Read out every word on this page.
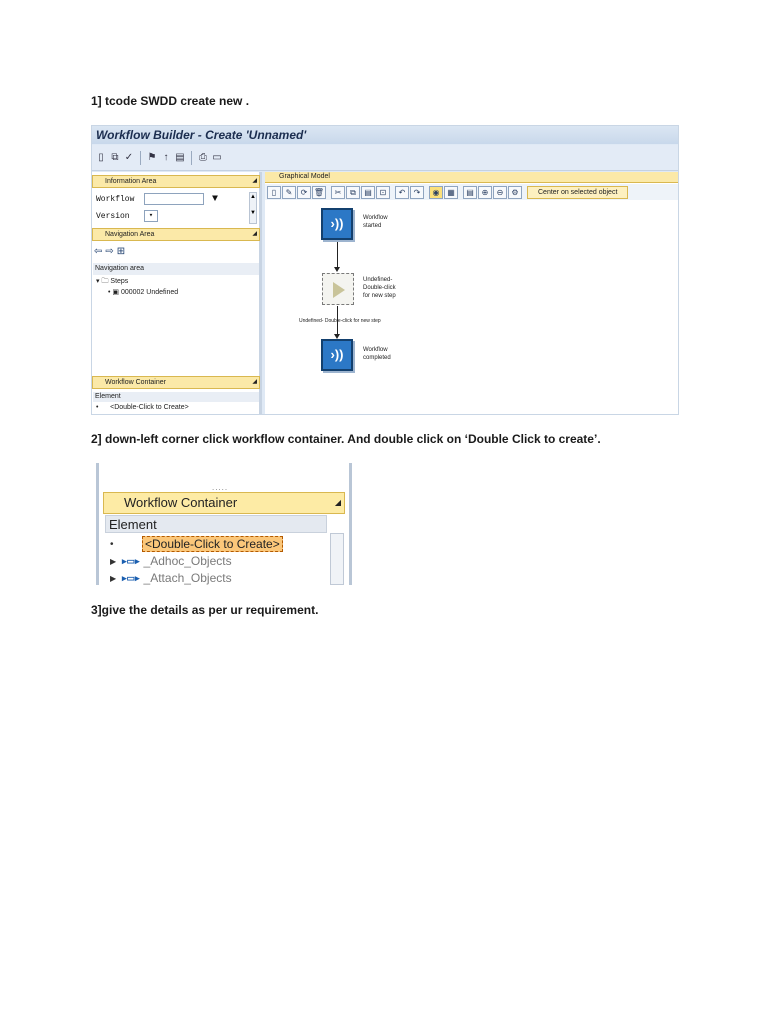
1] tcode SWDD create new .
2] down-left corner click workflow container. And double click on ‘Double Click to create’.
3]give the details as per ur requirement.
Workflow Builder - Create 'Unnamed'
▯ ⧉ ✓ ⚑ ↑ ▤ ⎙ ▭
Information Area	◢
Workflow	▼
Version	▾
▲

▼
Navigation Area	◢
⇦ ⇨ ⊞
Navigation area
▾ 🗀 Steps
• ▣ 000002 Undefined
Workflow Container	◢
Element
•      <Double-Click to Create>
Graphical Model
▯	✎	⟳ 🗑	✂	⧉	▤ ⊡	↶	↷	◉ ▦	▤ ⊕	⊖	⚙	Center on selected object
›))	Workflow
started
Undefined-
Double-click
for new step
Undefined- Double-click for new step
›))	Workflow
completed
.....
Workflow Container	◢
Element
•	<Double-Click to Create>
▶ ▸▭▸ _Adhoc_Objects
▶ ▸▭▸ _Attach_Objects
